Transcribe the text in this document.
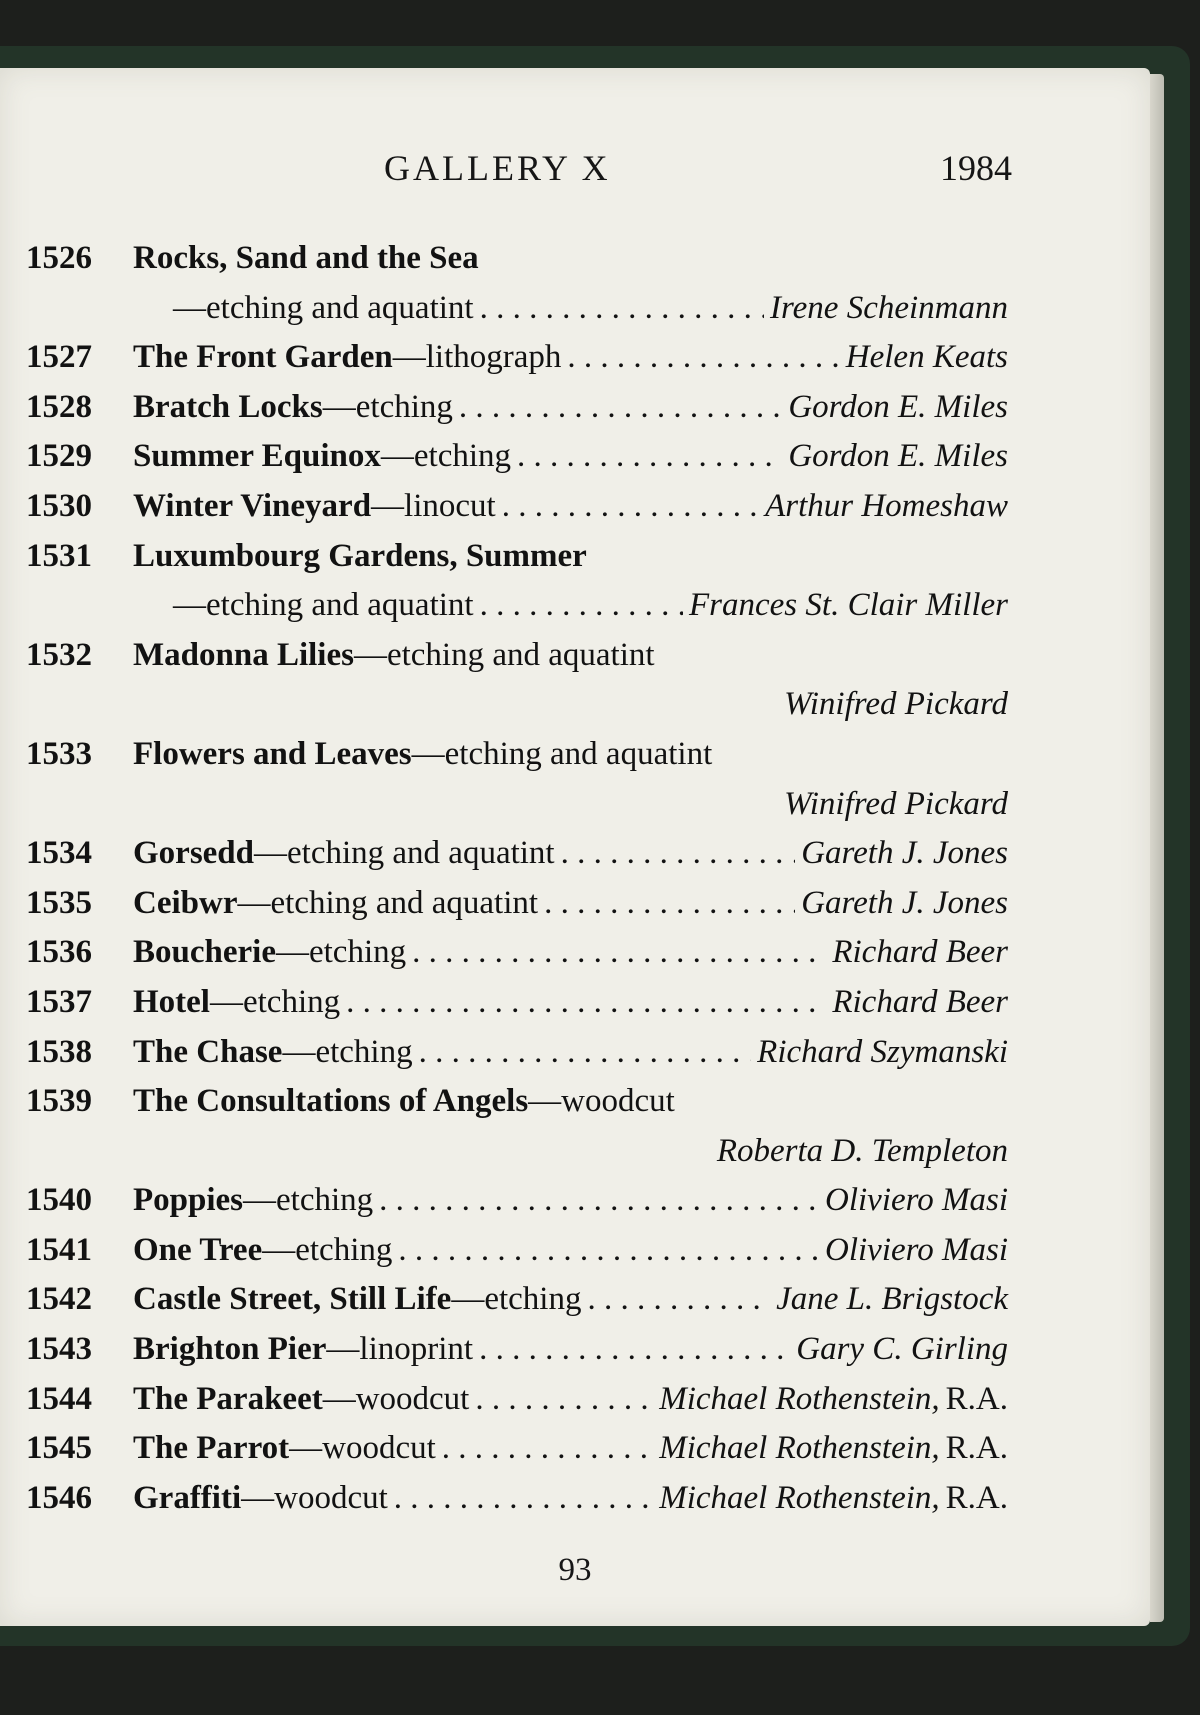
GALLERY X	1984
1526	Rocks, Sand and the Sea
—etching and aquatint . . .	Irene Scheinmann
1527	The Front Garden —lithograph . . .	Helen Keats
1528	Bratch Locks —etching . . .	Gordon E. Miles
1529	Summer Equinox —etching . . .	Gordon E. Miles
1530	Winter Vineyard —linocut . . .	Arthur Homeshaw
1531	Luxumbourg Gardens, Summer
—etching and aquatint . . .	Frances St. Clair Miller
1532	Madonna Lilies —etching and aquatint
Winifred Pickard
1533	Flowers and Leaves —etching and aquatint
Winifred Pickard
1534	Gorsedd —etching and aquatint . . .	Gareth J. Jones
1535	Ceibwr —etching and aquatint . . .	Gareth J. Jones
1536	Boucherie —etching . . .	Richard Beer
1537	Hotel —etching . . .	Richard Beer
1538	The Chase —etching . . .	Richard Szymanski
1539	The Consultations of Angels —woodcut
Roberta D. Templeton
1540	Poppies —etching . . .	Oliviero Masi
1541	One Tree —etching . . .	Oliviero Masi
1542	Castle Street, Still Life —etching . . .	Jane L. Brigstock
1543	Brighton Pier —linoprint . . .	Gary C. Girling
1544	The Parakeet —woodcut . . .	Michael Rothenstein, R.A.
1545	The Parrot —woodcut . . .	Michael Rothenstein, R.A.
1546	Graffiti —woodcut . . .	Michael Rothenstein, R.A.
93
